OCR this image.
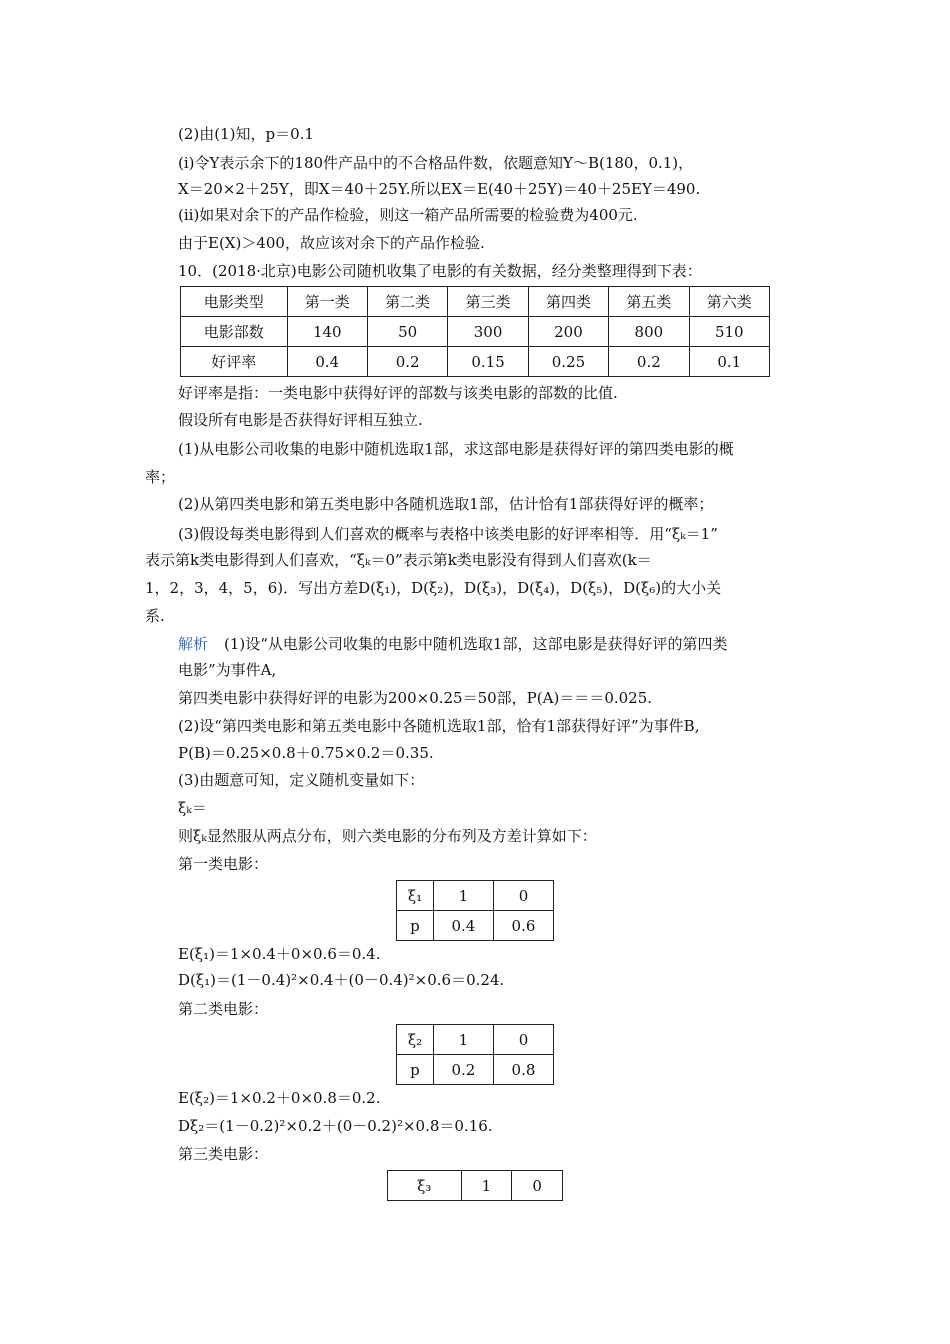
(2)由(1)知，p＝0.1
(ⅰ)令Y表示余下的180件产品中的不合格品件数，依题意知Y～B(180，0.1)，
X＝20×2＋25Y，即X＝40＋25Y.所以EX＝E(40＋25Y)＝40＋25EY＝490.
(ⅱ)如果对余下的产品作检验，则这一箱产品所需要的检验费为400元.
由于E(X)＞400，故应该对余下的产品作检验.
10．(2018·北京)电影公司随机收集了电影的有关数据，经分类整理得到下表：
电影类型	第一类	第二类	第三类	第四类	第五类	第六类
电影部数	140	50	300	200	800	510
好评率	0.4	0.2	0.15	0.25	0.2	0.1
好评率是指：一类电影中获得好评的部数与该类电影的部数的比值.
假设所有电影是否获得好评相互独立.
(1)从电影公司收集的电影中随机选取1部，求这部电影是获得好评的第四类电影的概
率；
(2)从第四类电影和第五类电影中各随机选取1部，估计恰有1部获得好评的概率；
(3)假设每类电影得到人们喜欢的概率与表格中该类电影的好评率相等．用“ξₖ＝1”
表示第k类电影得到人们喜欢，“ξₖ＝0”表示第k类电影没有得到人们喜欢(k＝
1，2，3，4，5，6)．写出方差D(ξ₁)，D(ξ₂)，D(ξ₃)，D(ξ₄)，D(ξ₅)，D(ξ₆)的大小关
系.
解析 (1)设“从电影公司收集的电影中随机选取1部，这部电影是获得好评的第四类
电影”为事件A,
第四类电影中获得好评的电影为200×0.25＝50部，P(A)＝＝＝0.025.
(2)设“第四类电影和第五类电影中各随机选取1部，恰有1部获得好评”为事件B,
P(B)＝0.25×0.8＋0.75×0.2＝0.35.
(3)由题意可知，定义随机变量如下：
ξₖ＝
则ξₖ显然服从两点分布，则六类电影的分布列及方差计算如下：
第一类电影：
ξ₁	1	0
p	0.4	0.6
E(ξ₁)＝1×0.4＋0×0.6＝0.4.
D(ξ₁)＝(1－0.4)²×0.4＋(0－0.4)²×0.6＝0.24.
第二类电影：
ξ₂	1	0
p	0.2	0.8
E(ξ₂)＝1×0.2＋0×0.8＝0.2.
Dξ₂＝(1－0.2)²×0.2＋(0－0.2)²×0.8＝0.16.
第三类电影：
ξ₃	1	0
